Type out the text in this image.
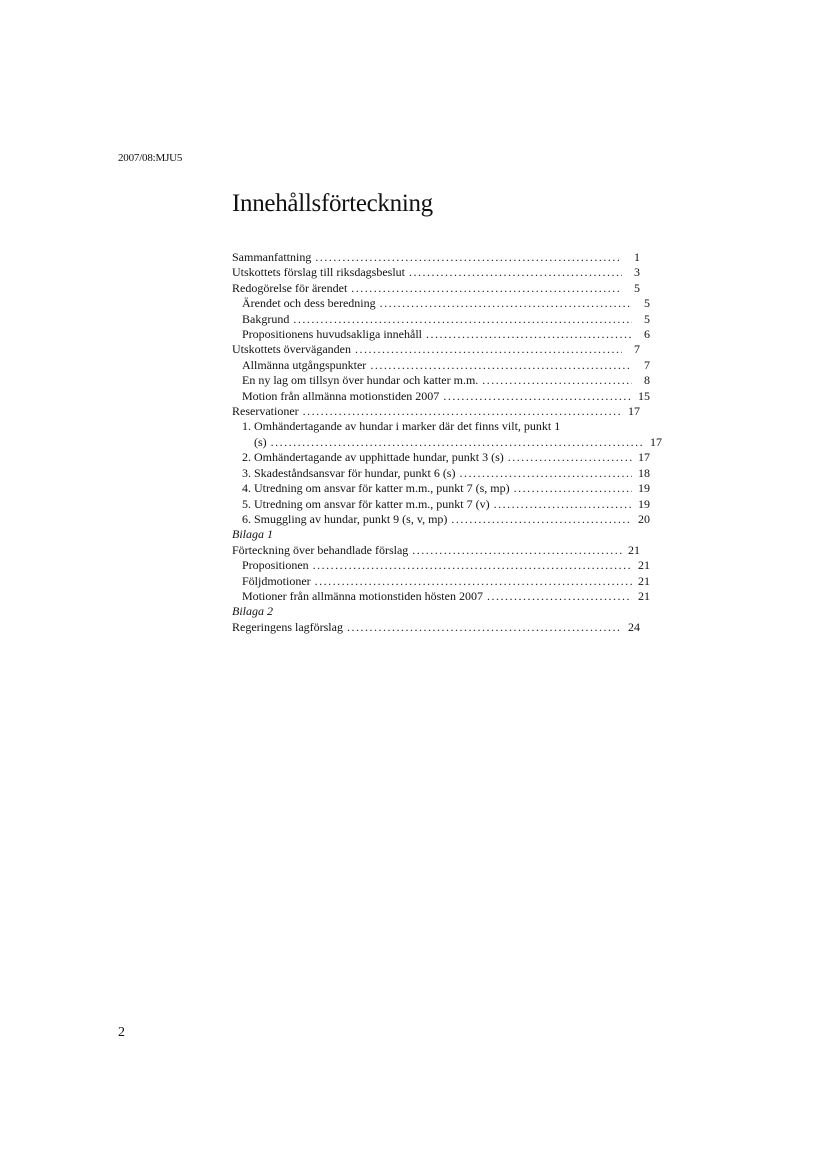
2007/08:MJU5
Innehållsförteckning
Sammanfattning .....	1
Utskottets förslag till riksdagsbeslut .....	3
Redogörelse för ärendet .....	5
Ärendet och dess beredning .....	5
Bakgrund .....	5
Propositionens huvudsakliga innehåll .....	6
Utskottets överväganden .....	7
Allmänna utgångspunkter .....	7
En ny lag om tillsyn över hundar och katter m.m. .....	8
Motion från allmänna motionstiden 2007 .....	15
Reservationer .....	17
1. Omhändertagande av hundar i marker där det finns vilt, punkt 1
(s) .....	17
2. Omhändertagande av upphittade hundar, punkt 3 (s) .....	17
3. Skadeståndsansvar för hundar, punkt 6 (s) .....	18
4. Utredning om ansvar för katter m.m., punkt 7 (s, mp) .....	19
5. Utredning om ansvar för katter m.m., punkt 7 (v) .....	19
6. Smuggling av hundar, punkt 9 (s, v, mp) .....	20
Bilaga 1
Förteckning över behandlade förslag .....	21
Propositionen .....	21
Följdmotioner .....	21
Motioner från allmänna motionstiden hösten 2007 .....	21
Bilaga 2
Regeringens lagförslag .....	24
2
